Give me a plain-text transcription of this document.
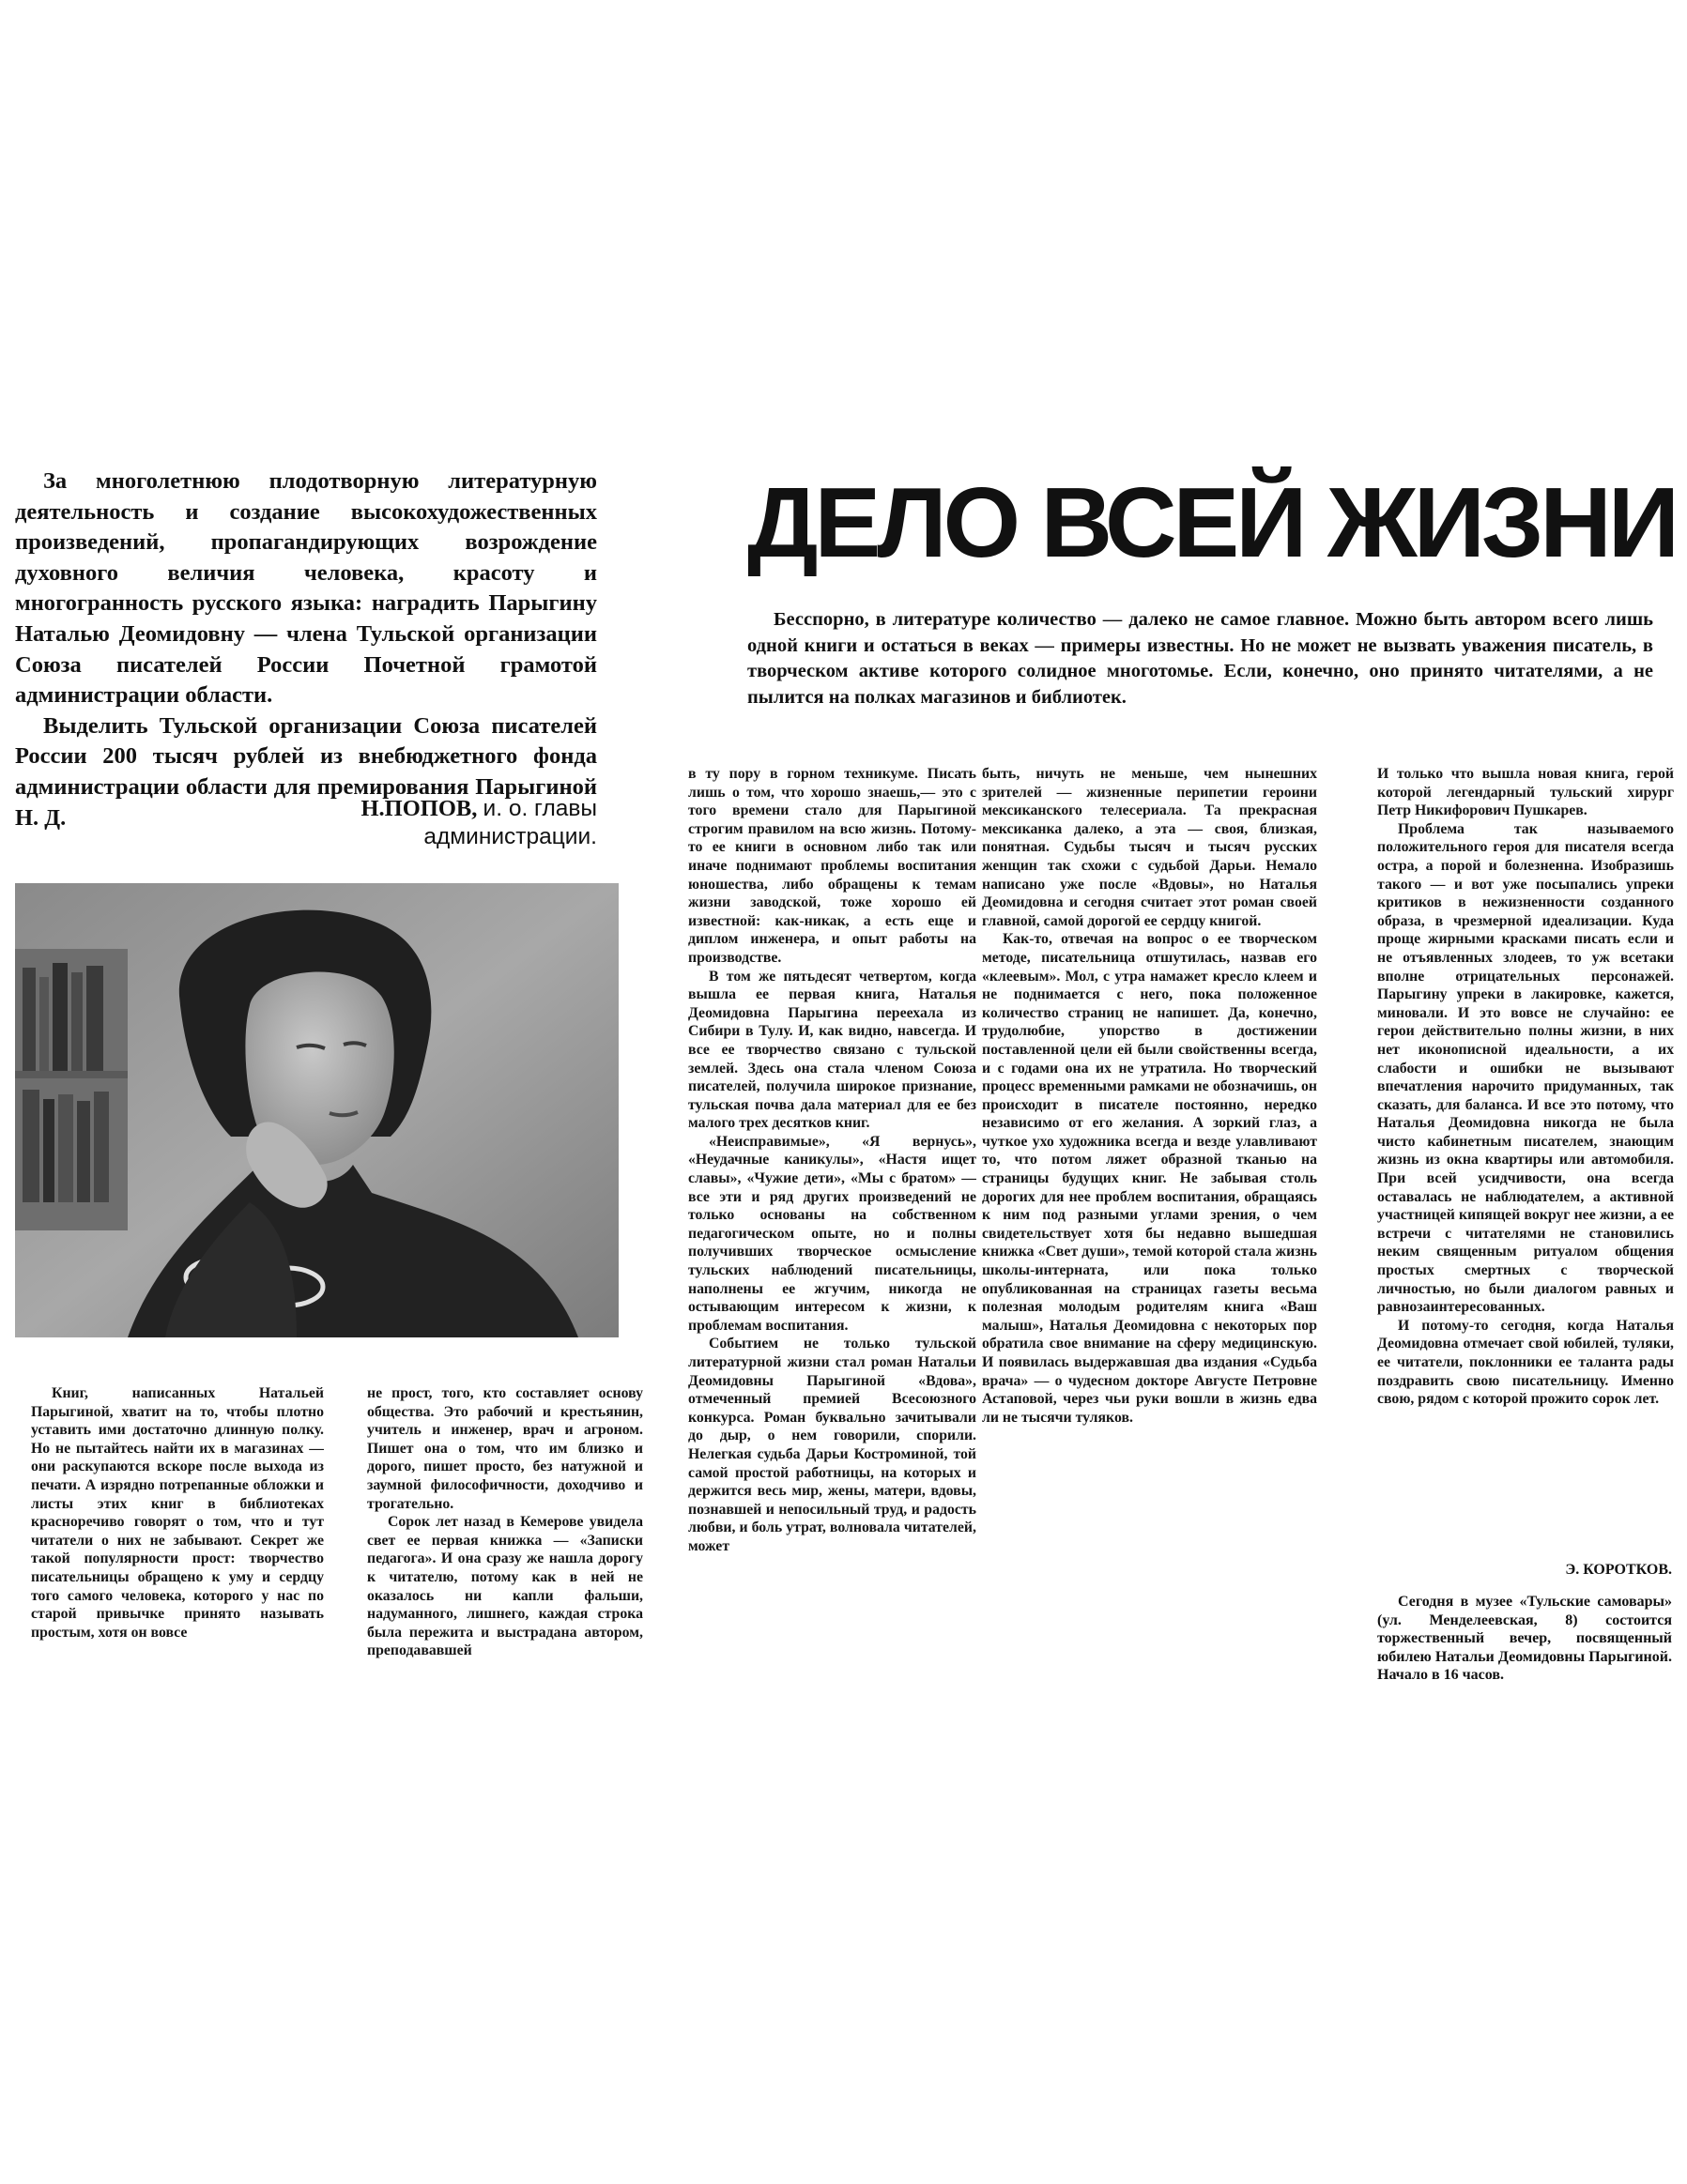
За многолетнюю плодотворную литературную деятельность и создание высокохудожественных произведений, пропагандирующих возрождение духовного величия человека, красоту и многогранность русского языка: наградить Парыгину Наталью Деомидовну — члена Тульской организации Союза писателей России Почетной грамотой администрации области.

Выделить Тульской организации Союза писателей России 200 тысяч рублей из внебюджетного фонда администрации области для премирования Парыгиной Н. Д.	Н.ПОПОВ, и. о. главы
администрации.
ДЕЛО ВСЕЙ ЖИЗНИ

Бесспорно, в литературе количество — далеко не самое главное. Можно быть автором всего лишь одной книги и остаться в веках — примеры известны. Но не может не вызвать уважения писатель, в творческом активе которого солидное многотомье. Если, конечно, оно принято читателями, а не пылится на полках магазинов и библиотек.

Книг, написанных Натальей Парыгиной, хватит на то, чтобы плотно уставить ими достаточно длинную полку. Но не пытайтесь найти их в магазинах — они раскупаются вскоре после выхода из печати. А изрядно потрепанные обложки и листы этих книг в библиотеках красноречиво говорят о том, что и тут читатели о них не забывают. Секрет же такой популярности прост: творчество писательницы обращено к уму и сердцу того самого человека, которого у нас по старой привычке принято называть простым, хотя он вовсе

не прост, того, кто составляет основу общества. Это рабочий и крестьянин, учитель и инженер, врач и агроном. Пишет она о том, что им близко и дорого, пишет просто, без натужной и заумной философичности, доходчиво и трогательно.

Сорок лет назад в Кемерове увидела свет ее первая книжка — «Записки педагога». И она сразу же нашла дорогу к читателю, потому как в ней не оказалось ни капли фальши, надуманного, лишнего, каждая строка была пережита и выстрадана автором, преподававшей

в ту пору в горном техникуме. Писать лишь о том, что хорошо знаешь,— это с того времени стало для Парыгиной строгим правилом на всю жизнь. Потому-то ее книги в основном либо так или иначе поднимают проблемы воспитания юношества, либо обращены к темам жизни заводской, тоже хорошо ей известной: как-никак, а есть еще и диплом инженера, и опыт работы на производстве.

В том же пятьдесят четвертом, когда вышла ее первая книга, Наталья Деомидовна Парыгина переехала из Сибири в Тулу. И, как видно, навсегда. И все ее творчество связано с тульской землей. Здесь она стала членом Союза писателей, получила широкое признание, тульская почва дала материал для ее без малого трех десятков книг.

«Неисправимые», «Я вернусь», «Неудачные каникулы», «Настя ищет славы», «Чужие дети», «Мы с братом» — все эти и ряд других произведений не только основаны на собственном педагогическом опыте, но и полны получивших творческое осмысление тульских наблюдений писательницы, наполнены ее жгучим, никогда не остывающим интересом к жизни, к проблемам воспитания.

Событием не только тульской литературной жизни стал роман Натальи Деомидовны Парыгиной «Вдова», отмеченный премией Всесоюзного конкурса. Роман буквально зачитывали до дыр, о нем говорили, спорили. Нелегкая судьба Дарьи Костроминой, той самой простой работницы, на которых и держится весь мир, жены, матери, вдовы, познавшей и непосильный труд, и радость любви, и боль утрат, волновала читателей, может

быть, ничуть не меньше, чем нынешних зрителей — жизненные перипетии героини мексиканского телесериала. Та прекрасная мексиканка далеко, а эта — своя, близкая, понятная. Судьбы тысяч и тысяч русских женщин так схожи с судьбой Дарьи. Немало написано уже после «Вдовы», но Наталья Деомидовна и сегодня считает этот роман своей главной, самой дорогой ее сердцу книгой.

Как-то, отвечая на вопрос о ее творческом методе, писательница отшутилась, назвав его «клеевым». Мол, с утра намажет кресло клеем и не поднимается с него, пока положенное количество страниц не напишет. Да, конечно, трудолюбие, упорство в достижении поставленной цели ей были свойственны всегда, и с годами она их не утратила. Но творческий процесс временными рамками не обозначишь, он происходит в писателе постоянно, нередко независимо от его желания. А зоркий глаз, а чуткое ухо художника всегда и везде улавливают то, что потом ляжет образной тканью на страницы будущих книг. Не забывая столь дорогих для нее проблем воспитания, обращаясь к ним под разными углами зрения, о чем свидетельствует хотя бы недавно вышедшая книжка «Свет души», темой которой стала жизнь школы-интерната, или пока только опубликованная на страницах газеты весьма полезная молодым родителям книга «Ваш малыш», Наталья Деомидовна с некоторых пор обратила свое внимание на сферу медицинскую. И появилась выдержавшая два издания «Судьба врача» — о чудесном докторе Августе Петровне Астаповой, через чьи руки вошли в жизнь едва ли не тысячи туляков.

И только что вышла новая книга, герой которой легендарный тульский хирург Петр Никифорович Пушкарев.

Проблема так называемого положительного героя для писателя всегда остра, а порой и болезненна. Изобразишь такого — и вот уже посыпались упреки критиков в нежизненности созданного образа, в чрезмерной идеализации. Куда проще жирными красками писать если и не отъявленных злодеев, то уж всетаки вполне отрицательных персонажей. Парыгину упреки в лакировке, кажется, миновали. И это вовсе не случайно: ее герои действительно полны жизни, в них нет иконописной идеальности, а их слабости и ошибки не вызывают впечатления нарочито придуманных, так сказать, для баланса. И все это потому, что Наталья Деомидовна никогда не была чисто кабинетным писателем, знающим жизнь из окна квартиры или автомобиля. При всей усидчивости, она всегда оставалась не наблюдателем, а активной участницей кипящей вокруг нее жизни, а ее встречи с читателями не становились неким священным ритуалом общения простых смертных с творческой личностью, но были диалогом равных и равнозаинтересованных.

И потому-то сегодня, когда Наталья Деомидовна отмечает свой юбилей, туляки, ее читатели, поклонники ее таланта рады поздравить свою писательницу. Именно свою, рядом с которой прожито сорок лет.

Э. КОРОТКОВ.

Сегодня в музее «Тульские самовары» (ул. Менделеевская, 8) состоится торжественный вечер, посвященный юбилею Натальи Деомидовны Парыгиной. Начало в 16 часов.
